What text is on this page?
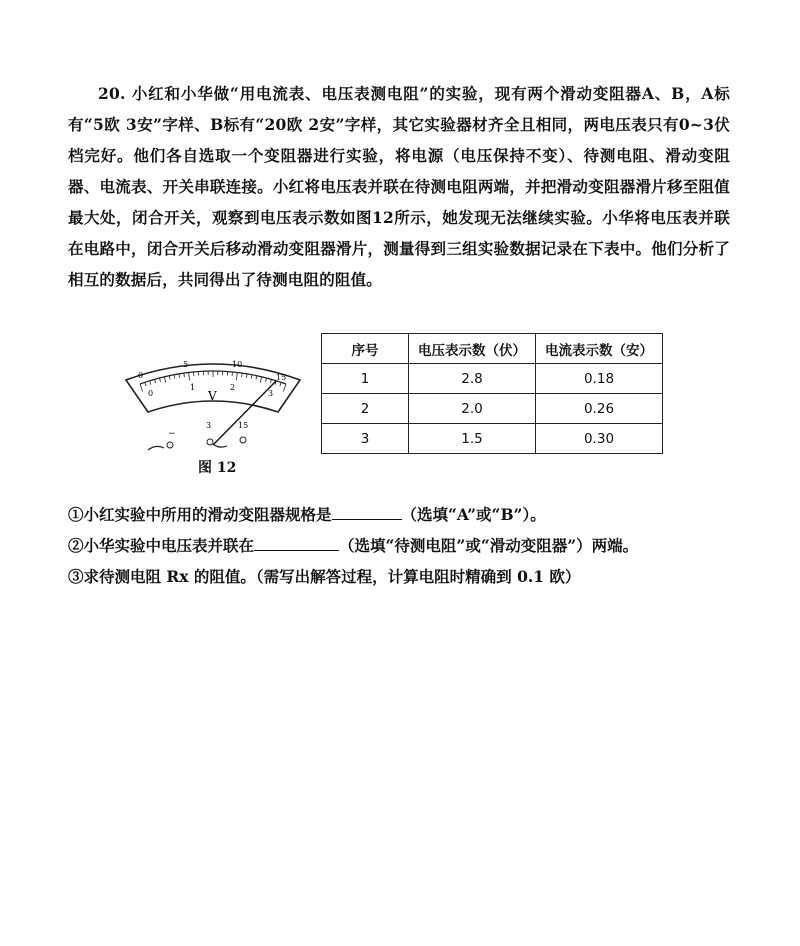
20. 小红和小华做“用电流表、电压表测电阻”的实验，现有两个滑动变阻器A、B，A标有“5欧 3安”字样、B标有“20欧 2安”字样，其它实验器材齐全且相同，两电压表只有0~3伏档完好。他们各自选取一个变阻器进行实验，将电源（电压保持不变）、待测电阻、滑动变阻器、电流表、开关串联连接。小红将电压表并联在待测电阻两端，并把滑动变阻器滑片移至阻值最大处，闭合开关，观察到电压表示数如图12所示，她发现无法继续实验。小华将电压表并联在电路中，闭合开关后移动滑动变阻器滑片，测量得到三组实验数据记录在下表中。他们分析了相互的数据后，共同得出了待测电阻的阻值。

0
5	10
15
0
1	2
3
V
−
3	15
图 12
序号	电压表示数（伏）	电流表示数（安）
1	2.8	0.18
2	2.0	0.26
3	1.5	0.30
①小红实验中所用的滑动变阻器规格是	（选填“A”或“B”）。
②小华实验中电压表并联在	（选填“待测电阻”或“滑动变阻器”）两端。
③求待测电阻 Rx 的阻值。（需写出解答过程，计算电阻时精确到 0.1 欧）
